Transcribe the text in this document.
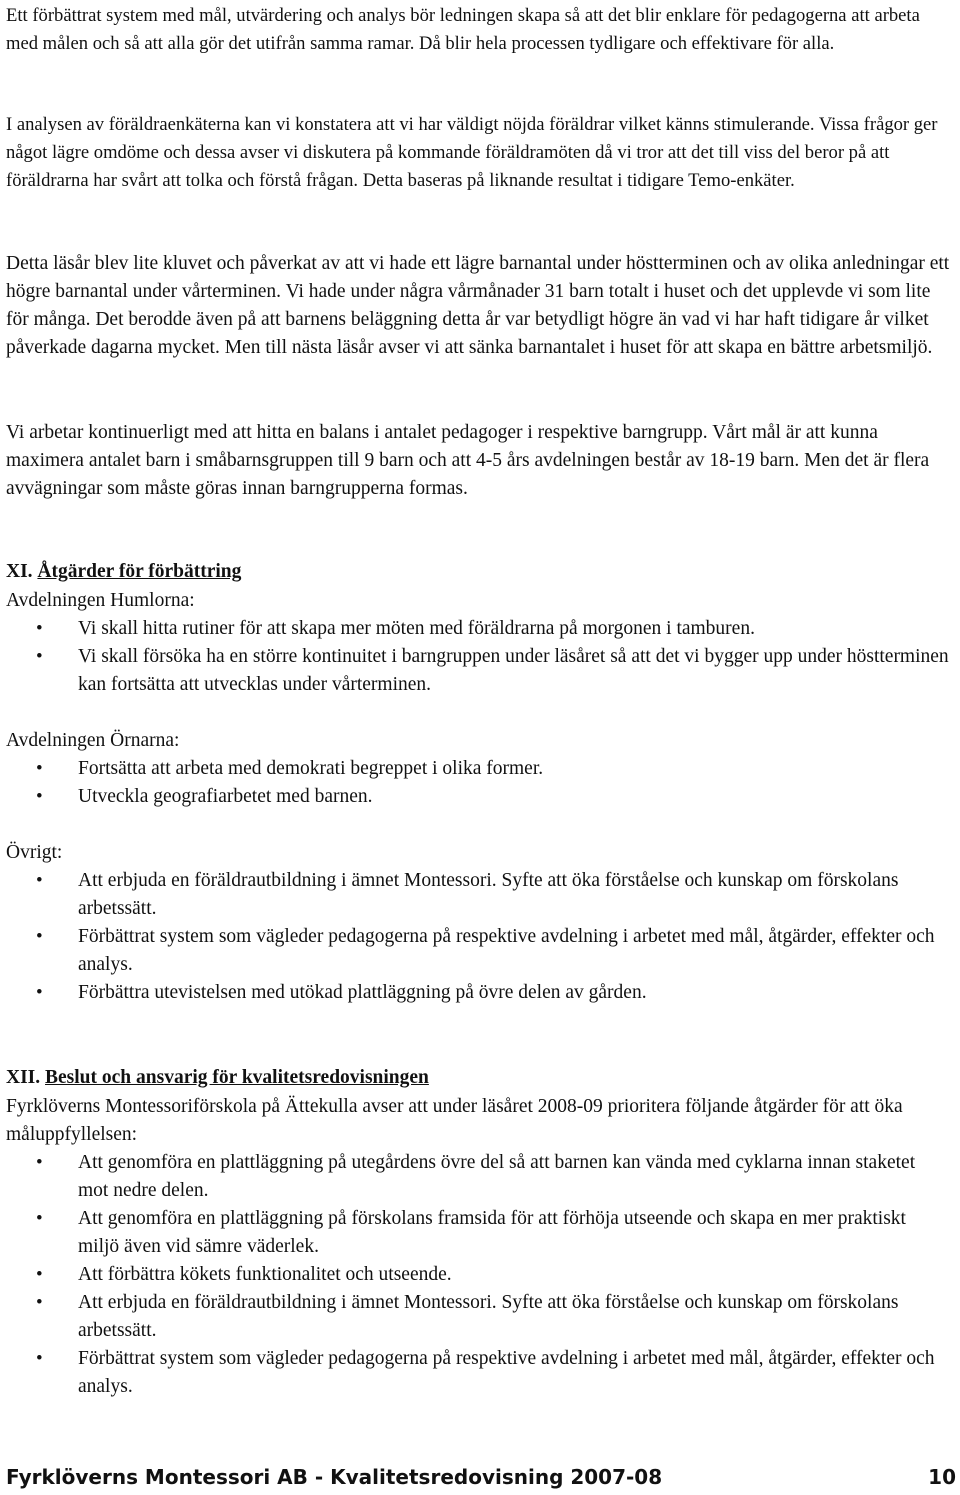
Ett förbättrat system med mål, utvärdering och analys bör ledningen skapa så att det blir enklare för pedagogerna att arbeta med målen och så att alla gör det utifrån samma ramar. Då blir hela processen tydligare och effektivare för alla.

I analysen av föräldraenkäterna kan vi konstatera att vi har väldigt nöjda föräldrar vilket känns stimulerande. Vissa frågor ger något lägre omdöme och dessa avser vi diskutera på kommande föräldramöten då vi tror att det till viss del beror på att föräldrarna har svårt att tolka och förstå frågan. Detta baseras på liknande resultat i tidigare Temo-enkäter.

Detta läsår blev lite kluvet och påverkat av att vi hade ett lägre barnantal under höstterminen och av olika anledningar ett högre barnantal under vårterminen. Vi hade under några vårmånader 31 barn totalt i huset och det upplevde vi som lite för många. Det berodde även på att barnens beläggning detta år var betydligt högre än vad vi har haft tidigare år vilket påverkade dagarna mycket. Men till nästa läsår avser vi att sänka barnantalet i huset för att skapa en bättre arbetsmiljö.

Vi arbetar kontinuerligt med att hitta en balans i antalet pedagoger i respektive barngrupp. Vårt mål är att kunna maximera antalet barn i småbarnsgruppen till 9 barn och att 4-5 års avdelningen består av 18-19 barn. Men det är flera avvägningar som måste göras innan barngrupperna formas.

XI. Åtgärder för förbättring
Avdelningen Humlorna:
• Vi skall hitta rutiner för att skapa mer möten med föräldrarna på morgonen i tamburen.
• Vi skall försöka ha en större kontinuitet i barngruppen under läsåret så att det vi bygger upp under höstterminen kan fortsätta att utvecklas under vårterminen.
Avdelningen Örnarna:
• Fortsätta att arbeta med demokrati begreppet i olika former.
• Utveckla geografiarbetet med barnen.
Övrigt:
• Att erbjuda en föräldrautbildning i ämnet Montessori. Syfte att öka förståelse och kunskap om förskolans arbetssätt.
• Förbättrat system som vägleder pedagogerna på respektive avdelning i arbetet med mål, åtgärder, effekter och analys.
• Förbättra utevistelsen med utökad plattläggning på övre delen av gården.
XII. Beslut och ansvarig för kvalitetsredovisningen

Fyrklöverns Montessoriförskola på Ättekulla avser att under läsåret 2008-09 prioritera följande åtgärder för att öka måluppfyllelsen:

• Att genomföra en plattläggning på utegårdens övre del så att barnen kan vända med cyklarna innan staketet mot nedre delen.
• Att genomföra en plattläggning på förskolans framsida för att förhöja utseende och skapa en mer praktiskt miljö även vid sämre väderlek.
• Att förbättra kökets funktionalitet och utseende.
• Att erbjuda en föräldrautbildning i ämnet Montessori. Syfte att öka förståelse och kunskap om förskolans arbetssätt.
• Förbättrat system som vägleder pedagogerna på respektive avdelning i arbetet med mål, åtgärder, effekter och analys.
Fyrklöverns Montessori AB - Kvalitetsredovisning 2007-08	10
